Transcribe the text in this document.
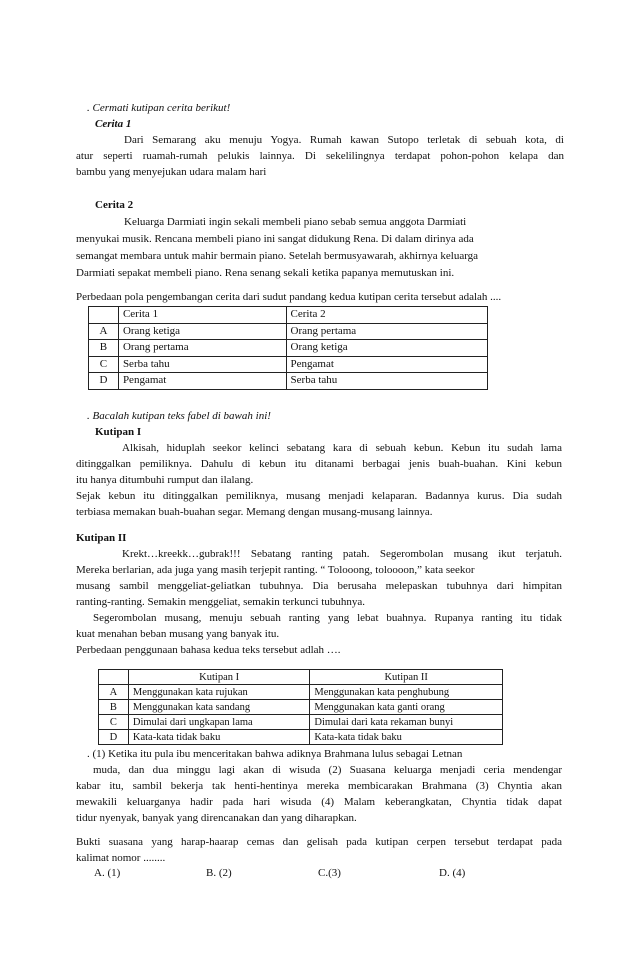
. Cermati kutipan cerita berikut!
Cerita 1
Dari Semarang aku menuju Yogya. Rumah kawan Sutopo terletak di sebuah kota, di
atur seperti ruamah-rumah pelukis lainnya. Di sekelilingnya terdapat pohon-pohon kelapa dan
bambu yang menyejukan udara malam hari
Cerita 2
Keluarga Darmiati ingin sekali membeli piano sebab semua anggota Darmiati
menyukai musik. Rencana membeli piano ini sangat didukung Rena. Di dalam dirinya ada
semangat membara untuk mahir bermain piano. Setelah bermusyawarah, akhirnya keluarga
Darmiati sepakat membeli piano. Rena senang sekali ketika papanya memutuskan ini.
Perbedaan pola pengembangan cerita dari sudut pandang kedua kutipan cerita tersebut adalah ....
	Cerita 1	Cerita 2
A	Orang ketiga	Orang pertama
B	Orang pertama	Orang ketiga
C	Serba tahu	Pengamat
D	Pengamat	Serba tahu
. Bacalah kutipan teks fabel di bawah ini!
Kutipan I
Alkisah, hiduplah seekor kelinci sebatang kara di sebuah kebun. Kebun itu sudah lama
ditinggalkan pemiliknya. Dahulu di kebun itu ditanami berbagai jenis buah-buahan. Kini kebun
itu hanya ditumbuhi rumput dan ilalang.
Sejak kebun itu ditinggalkan pemiliknya, musang menjadi kelaparan. Badannya kurus. Dia sudah
terbiasa memakan buah-buahan segar. Memang dengan musang-musang lainnya.
Kutipan II
Krekt…kreekk…gubrak!!! Sebatang ranting patah. Segerombolan musang ikut terjatuh.
Mereka berlarian, ada juga yang masih terjepit ranting. “ Tolooong, toloooon,” kata seekor
musang sambil menggeliat-geliatkan tubuhnya. Dia berusaha melepaskan tubuhnya dari himpitan
ranting-ranting. Semakin menggeliat, semakin terkunci tubuhnya.
Segerombolan musang, menuju sebuah ranting yang lebat buahnya. Rupanya ranting itu tidak
kuat menahan beban musang yang banyak itu.
Perbedaan penggunaan bahasa kedua teks tersebut adlah ….
	Kutipan I	Kutipan II
A	Menggunakan kata rujukan	Menggunakan kata penghubung
B	Menggunakan kata sandang	Menggunakan kata ganti orang
C	Dimulai dari ungkapan lama	Dimulai dari kata rekaman bunyi
D	Kata-kata tidak baku	Kata-kata tidak baku
. (1) Ketika itu pula ibu menceritakan bahwa adiknya Brahmana lulus sebagai Letnan
muda, dan dua minggu lagi akan di wisuda (2) Suasana keluarga menjadi ceria mendengar
kabar itu, sambil bekerja tak henti-hentinya mereka membicarakan Brahmana (3) Chyntia akan
mewakili keluarganya hadir pada hari wisuda (4) Malam keberangkatan, Chyntia tidak dapat
tidur nyenyak, banyak yang direncanakan dan yang diharapkan.
Bukti suasana yang harap-haarap cemas dan gelisah pada kutipan cerpen tersebut terdapat pada
kalimat nomor ........
A. (1)	B. (2)	C.(3)	D. (4)
